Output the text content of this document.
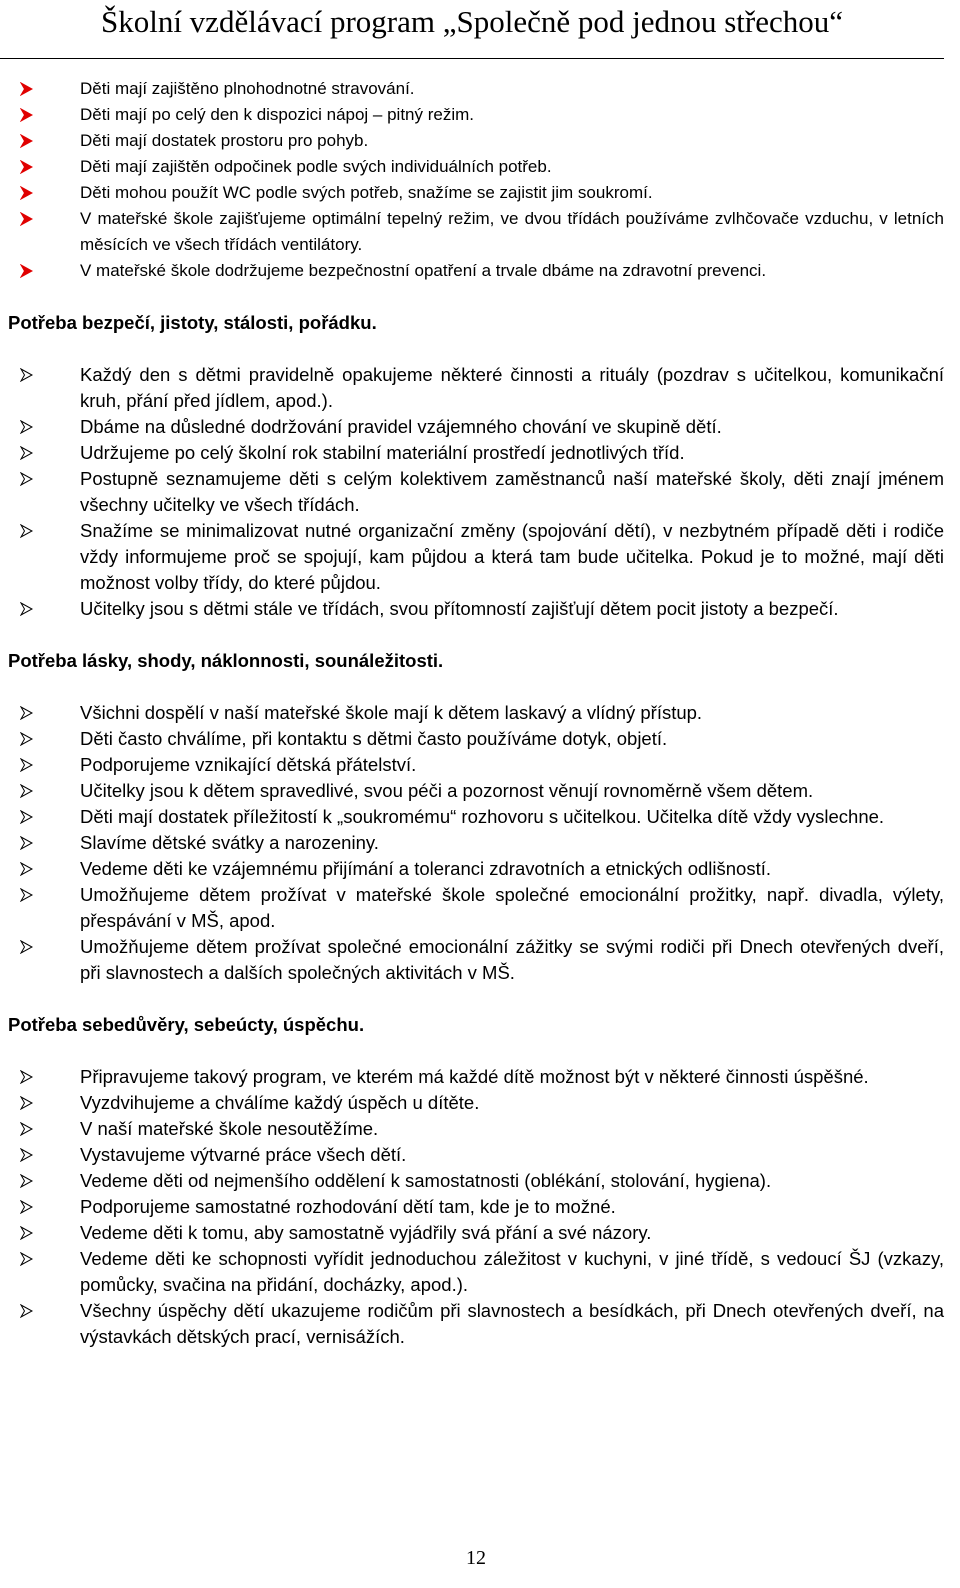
Školní vzdělávací program „Společně pod jednou střechou“
Děti mají zajištěno plnohodnotné stravování.
Děti mají po celý den k dispozici nápoj – pitný režim.
Děti mají dostatek prostoru pro pohyb.
Děti mají zajištěn odpočinek podle svých individuálních potřeb.
Děti mohou použít WC podle svých potřeb, snažíme se zajistit jim soukromí.
V mateřské škole zajišťujeme optimální tepelný režim, ve dvou třídách používáme zvlhčovače vzduchu, v letních měsících ve všech třídách ventilátory.
V mateřské škole dodržujeme bezpečnostní opatření a trvale dbáme na zdravotní prevenci.
Potřeba bezpečí, jistoty, stálosti, pořádku.
Každý den s dětmi pravidelně opakujeme některé činnosti a rituály (pozdrav s učitelkou, komunikační kruh, přání před jídlem, apod.).
Dbáme na důsledné dodržování pravidel vzájemného chování ve skupině dětí.
Udržujeme po celý školní rok stabilní materiální prostředí jednotlivých tříd.
Postupně seznamujeme děti s celým kolektivem zaměstnanců naší mateřské školy, děti znají jménem všechny učitelky ve všech třídách.
Snažíme se minimalizovat nutné organizační změny (spojování dětí), v nezbytném případě děti i rodiče vždy informujeme proč se spojují, kam půjdou a která tam bude učitelka. Pokud je to možné, mají děti možnost volby třídy, do které půjdou.
Učitelky jsou s dětmi stále ve třídách, svou přítomností zajišťují dětem pocit jistoty a bezpečí.
Potřeba lásky, shody, náklonnosti, sounáležitosti.
Všichni dospělí v naší mateřské škole mají k dětem laskavý a vlídný přístup.
Děti často chválíme, při kontaktu s dětmi často používáme dotyk, objetí.
Podporujeme vznikající dětská přátelství.
Učitelky jsou k dětem spravedlivé, svou péči a pozornost věnují rovnoměrně všem dětem.
Děti mají dostatek příležitostí k „soukromému“ rozhovoru s učitelkou. Učitelka dítě vždy vyslechne.
Slavíme dětské svátky a narozeniny.
Vedeme děti ke vzájemnému přijímání a toleranci zdravotních a etnických odlišností.
Umožňujeme dětem prožívat v mateřské škole společné emocionální prožitky, např. divadla, výlety, přespávání v MŠ, apod.
Umožňujeme dětem prožívat společné emocionální zážitky se svými rodiči při Dnech otevřených dveří, při slavnostech a dalších společných aktivitách v MŠ.
Potřeba sebedůvěry, sebeúcty, úspěchu.
Připravujeme takový program, ve kterém má každé dítě možnost být v některé činnosti úspěšné.
Vyzdvihujeme a chválíme každý úspěch u dítěte.
V naší mateřské škole nesoutěžíme.
Vystavujeme výtvarné práce všech dětí.
Vedeme děti od nejmenšího oddělení k samostatnosti (oblékání, stolování, hygiena).
Podporujeme samostatné rozhodování dětí tam, kde je to možné.
Vedeme děti k tomu, aby samostatně vyjádřily svá přání a své názory.
Vedeme děti ke schopnosti vyřídit jednoduchou záležitost v kuchyni, v jiné třídě, s vedoucí ŠJ (vzkazy, pomůcky, svačina na přidání, docházky, apod.).
Všechny úspěchy dětí ukazujeme rodičům při slavnostech a besídkách, při Dnech otevřených dveří, na výstavkách dětských prací, vernisážích.
12
